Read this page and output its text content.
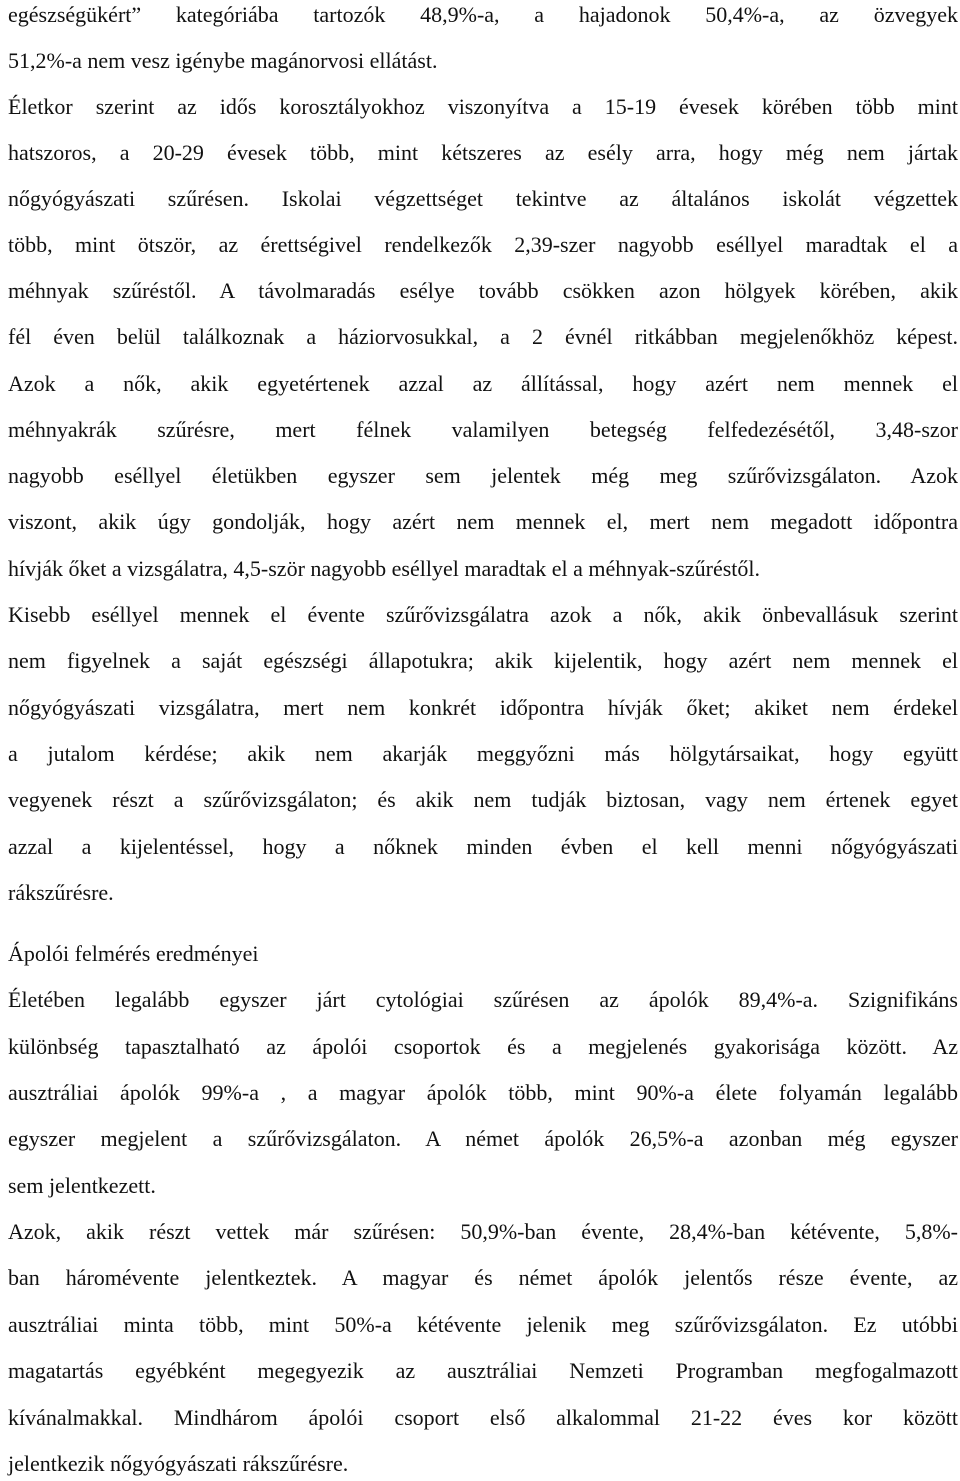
egészségükért” kategóriába tartozók 48,9%-a, a hajadonok 50,4%-a, az özvegyek
51,2%-a nem vesz igénybe magánorvosi ellátást.
Életkor szerint az idős korosztályokhoz viszonyítva a 15-19 évesek körében több mint
hatszoros, a 20-29 évesek több, mint kétszeres az esély arra, hogy még nem jártak
nőgyógyászati szűrésen. Iskolai végzettséget tekintve az általános iskolát végzettek
több, mint ötször, az érettségivel rendelkezők 2,39-szer nagyobb eséllyel maradtak el a
méhnyak szűréstől. A távolmaradás esélye tovább csökken azon hölgyek körében, akik
fél éven belül találkoznak a háziorvosukkal, a 2 évnél ritkábban megjelenőkhöz képest.
Azok a nők, akik egyetértenek azzal az állítással, hogy azért nem mennek el
méhnyakrák szűrésre, mert félnek valamilyen betegség felfedezésétől, 3,48-szor
nagyobb eséllyel életükben egyszer sem jelentek még meg szűrővizsgálaton. Azok
viszont, akik úgy gondolják, hogy azért nem mennek el, mert nem megadott időpontra
hívják őket a vizsgálatra, 4,5-ször nagyobb eséllyel maradtak el a méhnyak-szűréstől.
Kisebb eséllyel mennek el évente szűrővizsgálatra azok a nők, akik önbevallásuk szerint
nem figyelnek a saját egészségi állapotukra; akik kijelentik, hogy azért nem mennek el
nőgyógyászati vizsgálatra, mert nem konkrét időpontra hívják őket; akiket nem érdekel
a jutalom kérdése; akik nem akarják meggyőzni más hölgytársaikat, hogy együtt
vegyenek részt a szűrővizsgálaton; és akik nem tudják biztosan, vagy nem értenek egyet
azzal a kijelentéssel, hogy a nőknek minden évben el kell menni nőgyógyászati
rákszűrésre.
Ápolói felmérés eredményei
Életében legalább egyszer járt cytológiai szűrésen az ápolók 89,4%-a. Szignifikáns
különbség tapasztalható az ápolói csoportok és a megjelenés gyakorisága között. Az
ausztráliai ápolók 99%-a , a magyar ápolók több, mint 90%-a élete folyamán legalább
egyszer megjelent a szűrővizsgálaton. A német ápolók 26,5%-a azonban még egyszer
sem jelentkezett.
Azok, akik részt vettek már szűrésen: 50,9%-ban évente, 28,4%-ban kétévente, 5,8%-
ban háromévente jelentkeztek. A magyar és német ápolók jelentős része évente, az
ausztráliai minta több, mint 50%-a kétévente jelenik meg szűrővizsgálaton. Ez utóbbi
magatartás egyébként megegyezik az ausztráliai Nemzeti Programban megfogalmazott
kívánalmakkal. Mindhárom ápolói csoport első alkalommal 21-22 éves kor között
jelentkezik nőgyógyászati rákszűrésre.
